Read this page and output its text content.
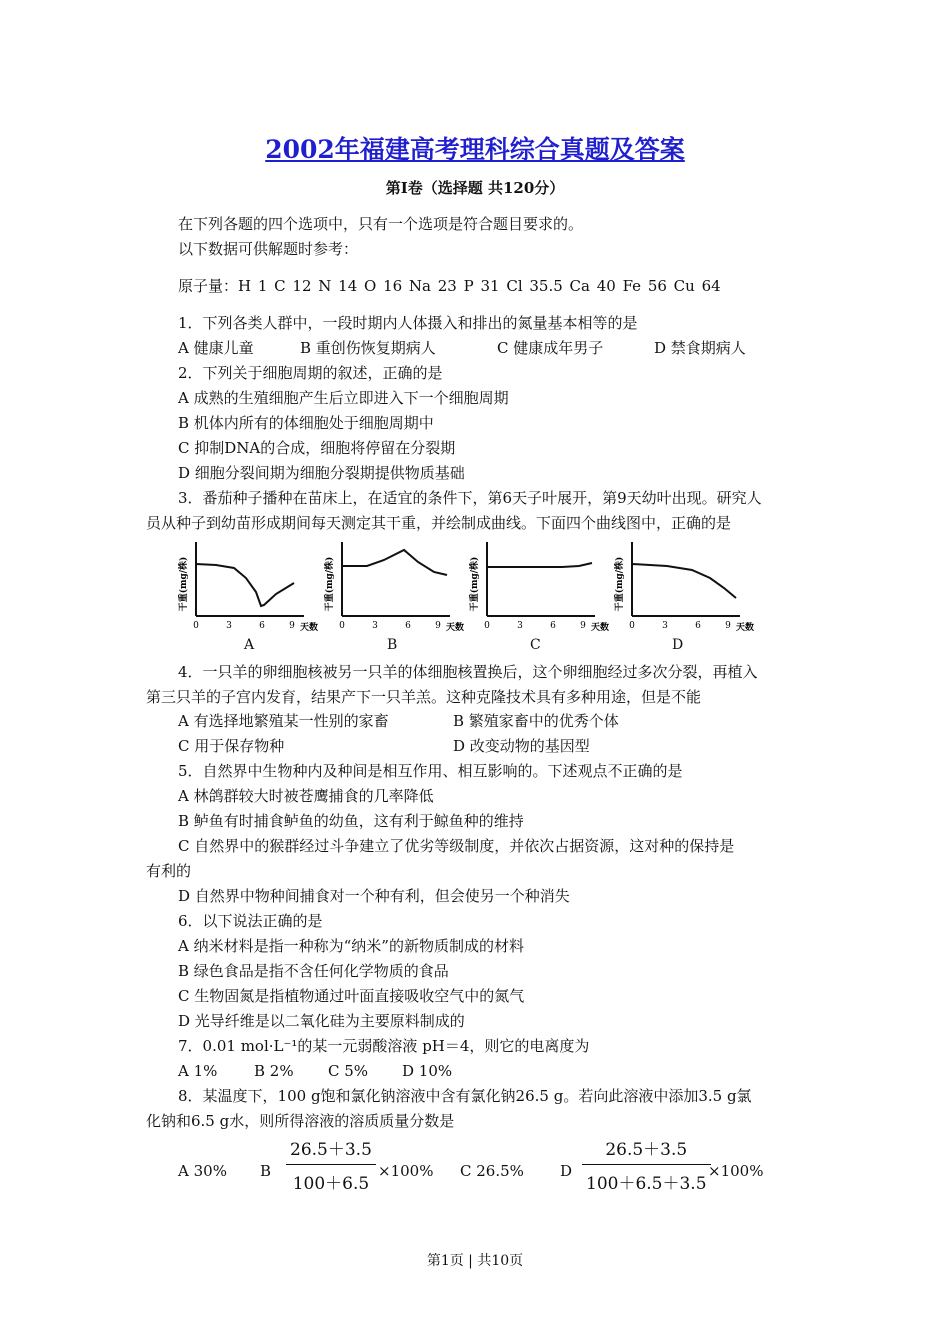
2002年福建高考理科综合真题及答案
第Ⅰ卷（选择题 共120分）
在下列各题的四个选项中，只有一个选项是符合题目要求的。
以下数据可供解题时参考：
原子量：H 1 C 12 N 14 O 16 Na 23 P 31 Cl 35.5 Ca 40 Fe 56 Cu 64
1．下列各类人群中，一段时期内人体摄入和排出的氮量基本相等的是
A 健康儿童	B 重创伤恢复期病人	C 健康成年男子	D 禁食期病人
2．下列关于细胞周期的叙述，正确的是
A 成熟的生殖细胞产生后立即进入下一个细胞周期
B 机体内所有的体细胞处于细胞周期中
C 抑制DNA的合成，细胞将停留在分裂期
D 细胞分裂间期为细胞分裂期提供物质基础
3．番茄种子播种在苗床上，在适宜的条件下，第6天子叶展开，第9天幼叶出现。研究人
员从种子到幼苗形成期间每天测定其干重，并绘制成曲线。下面四个曲线图中，正确的是
干重(mg/株)
0	3	6	9 天数
干重(mg/株)
0	3	6	9 天数
干重(mg/株)
0	3	6	9 天数
干重(mg/株)
0	3	6	9 天数
A	B	C	D
4．一只羊的卵细胞核被另一只羊的体细胞核置换后，这个卵细胞经过多次分裂，再植入
第三只羊的子宫内发育，结果产下一只羊羔。这种克隆技术具有多种用途，但是不能
A 有选择地繁殖某一性别的家畜	B 繁殖家畜中的优秀个体
C 用于保存物种	D 改变动物的基因型
5．自然界中生物种内及种间是相互作用、相互影响的。下述观点不正确的是
A 林鸽群较大时被苍鹰捕食的几率降低
B 鲈鱼有时捕食鲈鱼的幼鱼，这有利于鲸鱼种的维持
C 自然界中的猴群经过斗争建立了优劣等级制度，并依次占据资源，这对种的保持是
有利的
D 自然界中物种间捕食对一个种有利，但会使另一个种消失
6．以下说法正确的是
A 纳米材料是指一种称为“纳米”的新物质制成的材料
B 绿色食品是指不含任何化学物质的食品
C 生物固氮是指植物通过叶面直接吸收空气中的氮气
D 光导纤维是以二氧化硅为主要原料制成的
7．0.01 mol·L⁻¹的某一元弱酸溶液 pH＝4，则它的电离度为
A 1% B 2% C 5% D 10%
8．某温度下，100 g饱和氯化钠溶液中含有氯化钠26.5 g。若向此溶液中添加3.5 g氯
化钠和6.5 g水，则所得溶液的溶质质量分数是
A 30% B $\frac{26.5+3.5}{100+6.5} \times 100\%$ C 26.5% D $\frac{26.5+3.5}{100+6.5+3.5}$
×100%
第1页 | 共10页
